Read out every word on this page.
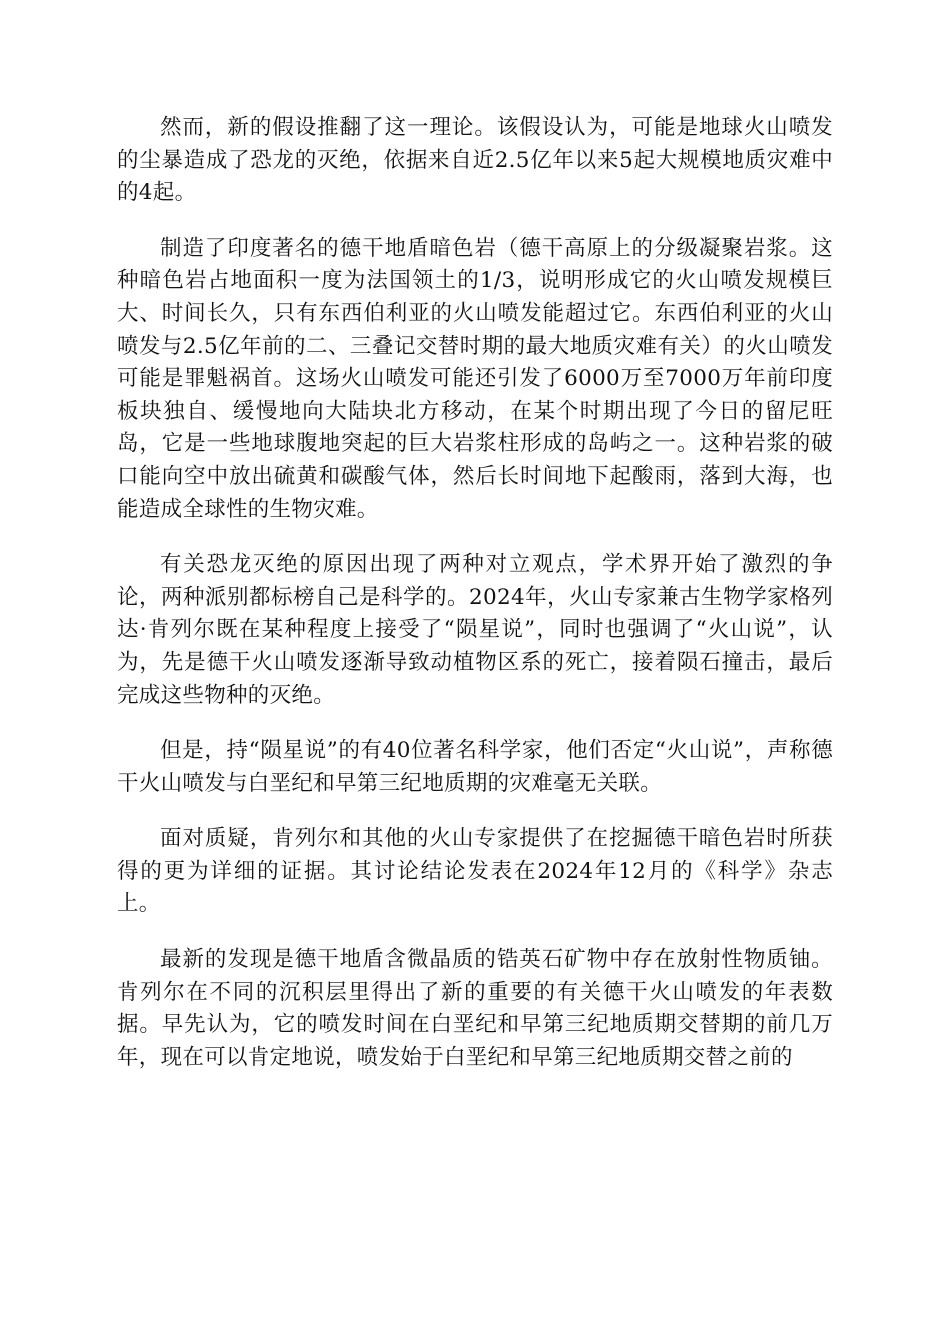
然而，新的假设推翻了这一理论。该假设认为，可能是地球火山喷发的尘暴造成了恐龙的灭绝，依据来自近2.5亿年以来5起大规模地质灾难中的4起。

制造了印度著名的德干地盾暗色岩（德干高原上的分级凝聚岩浆。这种暗色岩占地面积一度为法国领土的1/3，说明形成它的火山喷发规模巨大、时间长久，只有东西伯利亚的火山喷发能超过它。东西伯利亚的火山喷发与2.5亿年前的二、三叠记交替时期的最大地质灾难有关）的火山喷发可能是罪魁祸首。这场火山喷发可能还引发了6000万至7000万年前印度板块独自、缓慢地向大陆块北方移动，在某个时期出现了今日的留尼旺岛，它是一些地球腹地突起的巨大岩浆柱形成的岛屿之一。这种岩浆的破口能向空中放出硫黄和碳酸气体，然后长时间地下起酸雨，落到大海，也能造成全球性的生物灾难。

有关恐龙灭绝的原因出现了两种对立观点，学术界开始了激烈的争论，两种派别都标榜自己是科学的。2024年，火山专家兼古生物学家格列达·肯列尔既在某种程度上接受了“陨星说”，同时也强调了“火山说”，认为，先是德干火山喷发逐渐导致动植物区系的死亡，接着陨石撞击，最后完成这些物种的灭绝。

但是，持“陨星说”的有40位著名科学家，他们否定“火山说”，声称德干火山喷发与白垩纪和早第三纪地质期的灾难毫无关联。

面对质疑，肯列尔和其他的火山专家提供了在挖掘德干暗色岩时所获得的更为详细的证据。其讨论结论发表在2024年12月的《科学》杂志上。

最新的发现是德干地盾含微晶质的锆英石矿物中存在放射性物质铀。肯列尔在不同的沉积层里得出了新的重要的有关德干火山喷发的年表数据。早先认为，它的喷发时间在白垩纪和早第三纪地质期交替期的前几万年，现在可以肯定地说，喷发始于白垩纪和早第三纪地质期交替之前的
